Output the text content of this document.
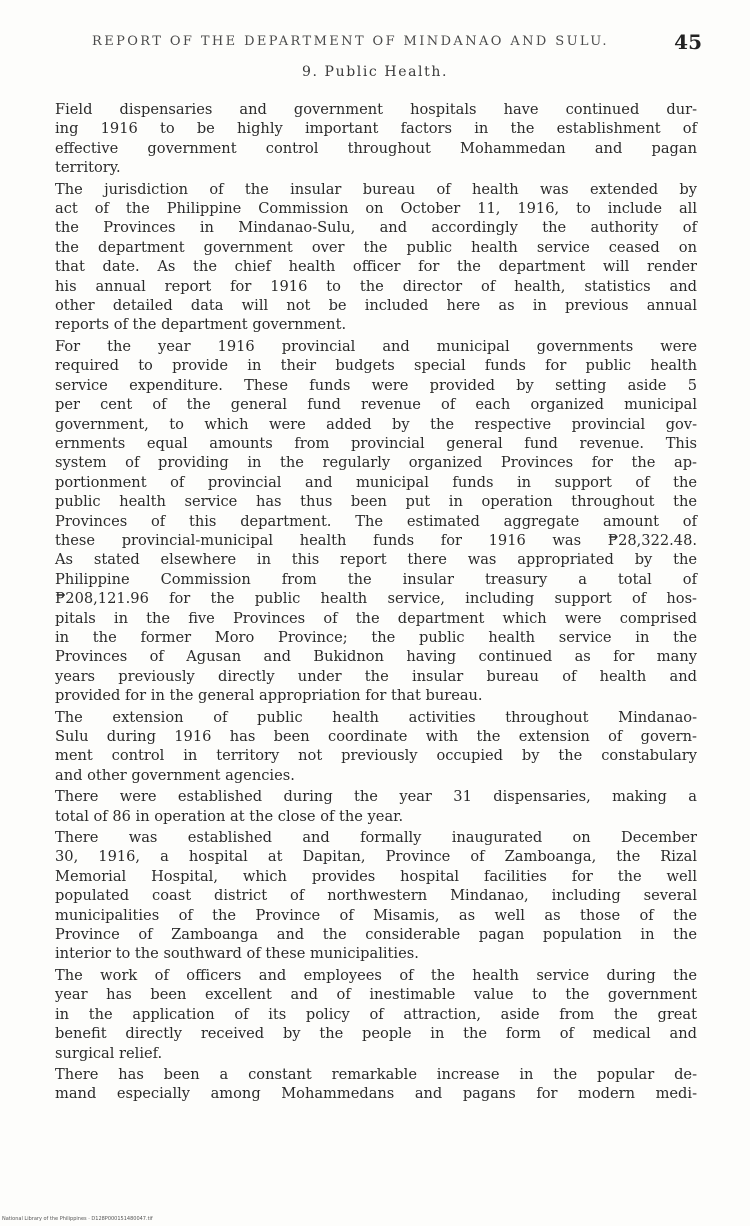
REPORT OF THE DEPARTMENT OF MINDANAO AND SULU.	45
9. Public Health.

Field dispensaries and government hospitals have continued dur-
ing 1916 to be highly important factors in the establishment of
effective government control throughout Mohammedan and pagan
territory.

The jurisdiction of the insular bureau of health was extended by
act of the Philippine Commission on October 11, 1916, to include all
the Provinces in Mindanao-Sulu, and accordingly the authority of
the department government over the public health service ceased on
that date. As the chief health officer for the department will render
his annual report for 1916 to the director of health, statistics and
other detailed data will not be included here as in previous annual
reports of the department government.

For the year 1916 provincial and municipal governments were
required to provide in their budgets special funds for public health
service expenditure. These funds were provided by setting aside 5
per cent of the general fund revenue of each organized municipal
government, to which were added by the respective provincial gov-
ernments equal amounts from provincial general fund revenue. This
system of providing in the regularly organized Provinces for the ap-
portionment of provincial and municipal funds in support of the
public health service has thus been put in operation throughout the
Provinces of this department. The estimated aggregate amount of
these provincial-municipal health funds for 1916 was ₱28,322.48.
As stated elsewhere in this report there was appropriated by the
Philippine Commission from the insular treasury a total of
₱208,121.96 for the public health service, including support of hos-
pitals in the five Provinces of the department which were comprised
in the former Moro Province; the public health service in the
Provinces of Agusan and Bukidnon having continued as for many
years previously directly under the insular bureau of health and
provided for in the general appropriation for that bureau.

The extension of public health activities throughout Mindanao-
Sulu during 1916 has been coordinate with the extension of govern-
ment control in territory not previously occupied by the constabulary
and other government agencies.

There were established during the year 31 dispensaries, making a
total of 86 in operation at the close of the year.

There was established and formally inaugurated on December
30, 1916, a hospital at Dapitan, Province of Zamboanga, the Rizal
Memorial Hospital, which provides hospital facilities for the well
populated coast district of northwestern Mindanao, including several
municipalities of the Province of Misamis, as well as those of the
Province of Zamboanga and the considerable pagan population in the
interior to the southward of these municipalities.

The work of officers and employees of the health service during the
year has been excellent and of inestimable value to the government
in the application of its policy of attraction, aside from the great
benefit directly received by the people in the form of medical and
surgical relief.

There has been a constant remarkable increase in the popular de-
mand especially among Mohammedans and pagans for modern medi-

National Library of the Philippines · D128P000151480047.tif
